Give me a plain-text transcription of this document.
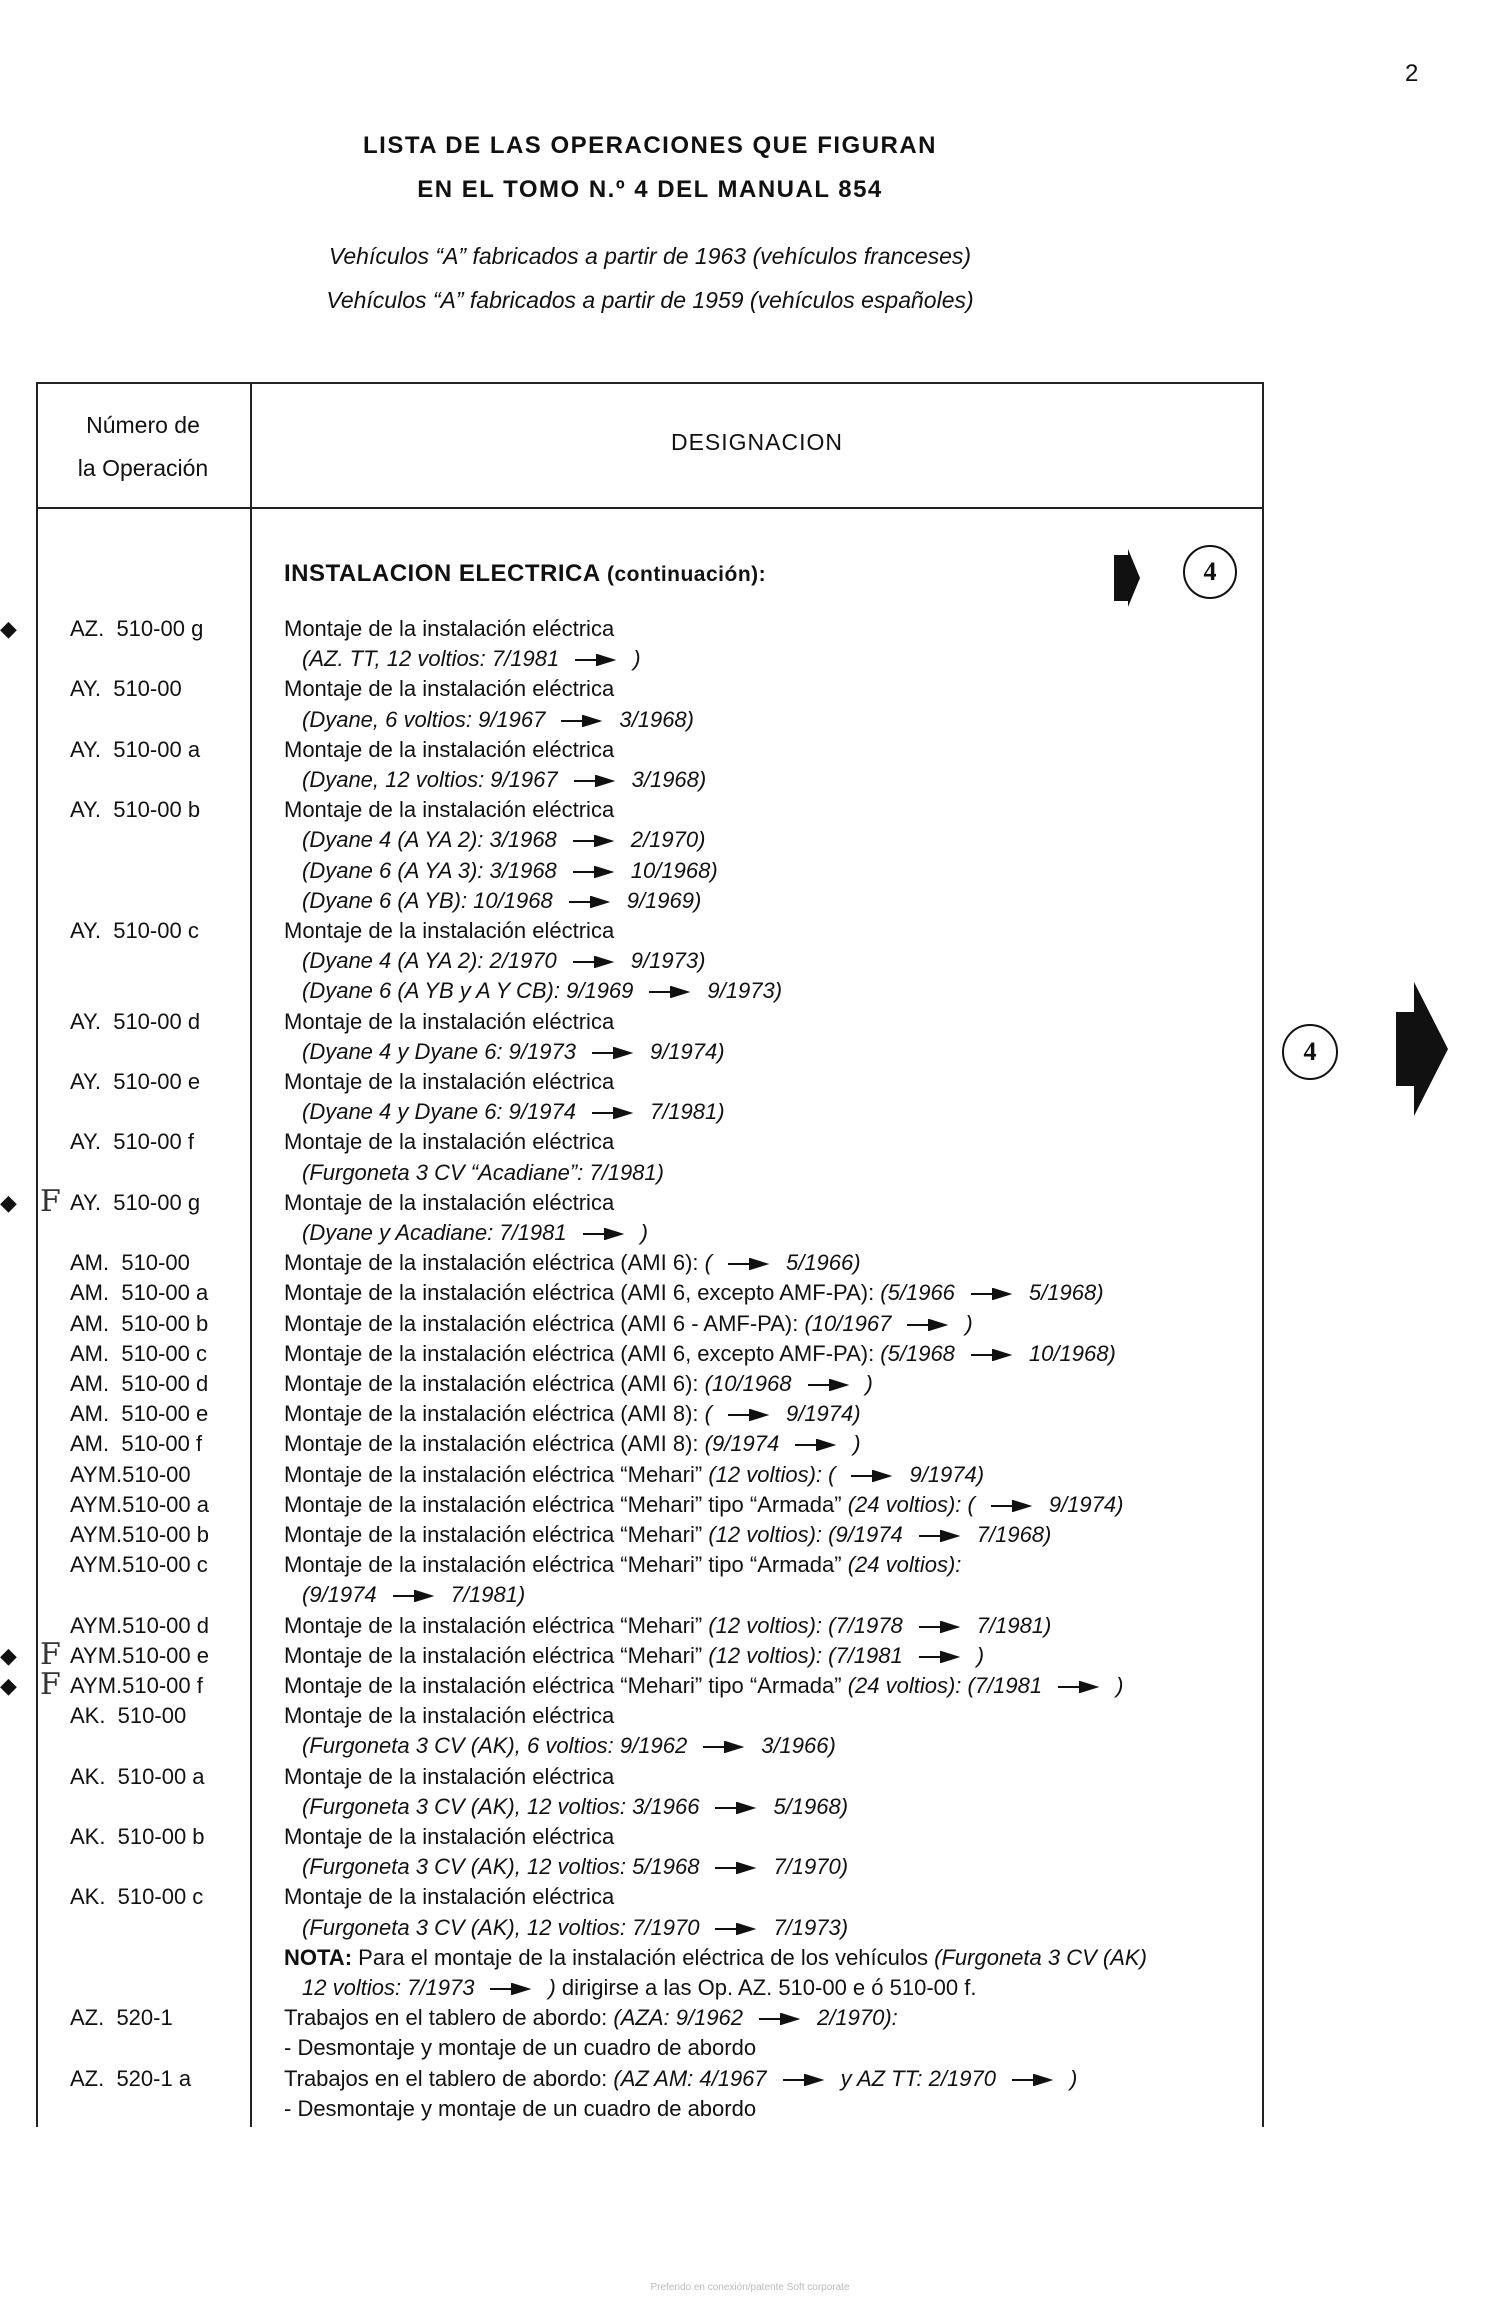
2
LISTA DE LAS OPERACIONES QUE FIGURAN
EN EL TOMO N.º 4 DEL MANUAL 854
Vehículos “A” fabricados a partir de 1963 (vehículos franceses)
Vehículos “A” fabricados a partir de 1959 (vehículos españoles)
Número de
la Operación
DESIGNACION
INSTALACION ELECTRICA (continuación):	4
4
◆ AZ.  510-00 g	Montaje de la instalación eléctrica
(AZ. TT, 12 voltios: 7/1981	)
AY.  510-00	Montaje de la instalación eléctrica
(Dyane, 6 voltios: 9/1967	3/1968)
AY.  510-00 a	Montaje de la instalación eléctrica
(Dyane, 12 voltios: 9/1967	3/1968)
AY.  510-00 b	Montaje de la instalación eléctrica
(Dyane 4 (A YA 2): 3/1968	2/1970)
(Dyane 6 (A YA 3): 3/1968	10/1968)
(Dyane 6 (A YB): 10/1968	9/1969)
AY.  510-00 c	Montaje de la instalación eléctrica
(Dyane 4 (A YA 2): 2/1970	9/1973)
(Dyane 6 (A YB y A Y CB): 9/1969	9/1973)
AY.  510-00 d	Montaje de la instalación eléctrica
(Dyane 4 y Dyane 6: 9/1973	9/1974)
AY.  510-00 e	Montaje de la instalación eléctrica
(Dyane 4 y Dyane 6: 9/1974	7/1981)
AY.  510-00 f	Montaje de la instalación eléctrica
(Furgoneta 3 CV “Acadiane”: 7/1981)
◆ F AY.  510-00 g	Montaje de la instalación eléctrica
(Dyane y Acadiane: 7/1981	)
AM.  510-00	Montaje de la instalación eléctrica (AMI 6): (	5/1966)
AM.  510-00 a	Montaje de la instalación eléctrica (AMI 6, excepto AMF-PA): (5/1966	5/1968)
AM.  510-00 b	Montaje de la instalación eléctrica (AMI 6 - AMF-PA): (10/1967	)
AM.  510-00 c	Montaje de la instalación eléctrica (AMI 6, excepto AMF-PA): (5/1968	10/1968)
AM.  510-00 d	Montaje de la instalación eléctrica (AMI 6): (10/1968	)
AM.  510-00 e	Montaje de la instalación eléctrica (AMI 8): (	9/1974)
AM.  510-00 f	Montaje de la instalación eléctrica (AMI 8): (9/1974	)
AYM.510-00	Montaje de la instalación eléctrica “Mehari” (12 voltios): (	9/1974)
AYM.510-00 a	Montaje de la instalación eléctrica “Mehari” tipo “Armada” (24 voltios): (	9/1974)
AYM.510-00 b	Montaje de la instalación eléctrica “Mehari” (12 voltios): (9/1974	7/1968)
AYM.510-00 c	Montaje de la instalación eléctrica “Mehari” tipo “Armada” (24 voltios):
(9/1974	7/1981)
AYM.510-00 d	Montaje de la instalación eléctrica “Mehari” (12 voltios): (7/1978	7/1981)
◆ F AYM.510-00 e	Montaje de la instalación eléctrica “Mehari” (12 voltios): (7/1981	)
◆ F AYM.510-00 f	Montaje de la instalación eléctrica “Mehari” tipo “Armada” (24 voltios): (7/1981	)
AK.  510-00	Montaje de la instalación eléctrica
(Furgoneta 3 CV (AK), 6 voltios: 9/1962	3/1966)
AK.  510-00 a	Montaje de la instalación eléctrica
(Furgoneta 3 CV (AK), 12 voltios: 3/1966	5/1968)
AK.  510-00 b	Montaje de la instalación eléctrica
(Furgoneta 3 CV (AK), 12 voltios: 5/1968	7/1970)
AK.  510-00 c	Montaje de la instalación eléctrica
(Furgoneta 3 CV (AK), 12 voltios: 7/1970	7/1973)
NOTA: Para el montaje de la instalación eléctrica de los vehículos (Furgoneta 3 CV (AK)
12 voltios: 7/1973	) dirigirse a las Op. AZ. 510-00 e ó 510-00 f.
AZ.  520-1	Trabajos en el tablero de abordo: (AZA: 9/1962	2/1970):
- Desmontaje y montaje de un cuadro de abordo
AZ.  520-1 a	Trabajos en el tablero de abordo: (AZ AM: 4/1967	y AZ TT: 2/1970	)
- Desmontaje y montaje de un cuadro de abordo
Preferido en conexión/patente Soft corporate
